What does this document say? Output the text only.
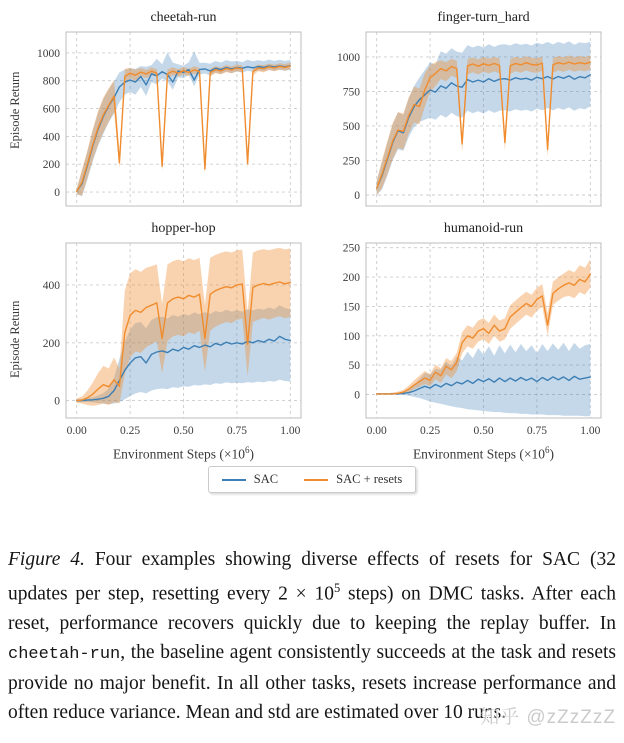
Episode Return
cheetah-run
0
200
400
600
800
1000
finger-turn_hard
0
250
500
750
1000
Episode Return
hopper-hop
0
200
400
0.00	0.25	0.50	0.75	1.00
Environment Steps $(\times 10^6)$
humanoid-run
0
50
100
150
200
250
0.00	0.25	0.50	0.75	1.00
Environment Steps $(\times 10^6)$
SAC	SAC + resets

Figure 4. Four examples showing diverse effects of resets for SAC (32 updates per step, resetting every $2 \times 10^5$ steps) on DMC tasks. After each reset, performance recovers quickly due to keeping the replay buffer. In cheetah-run, the baseline agent consistently succeeds at the task and resets provide no major benefit. In all other tasks, resets increase performance and often reduce variance. Mean and std are estimated over 10 runs.

知乎 @zZzZzZ
